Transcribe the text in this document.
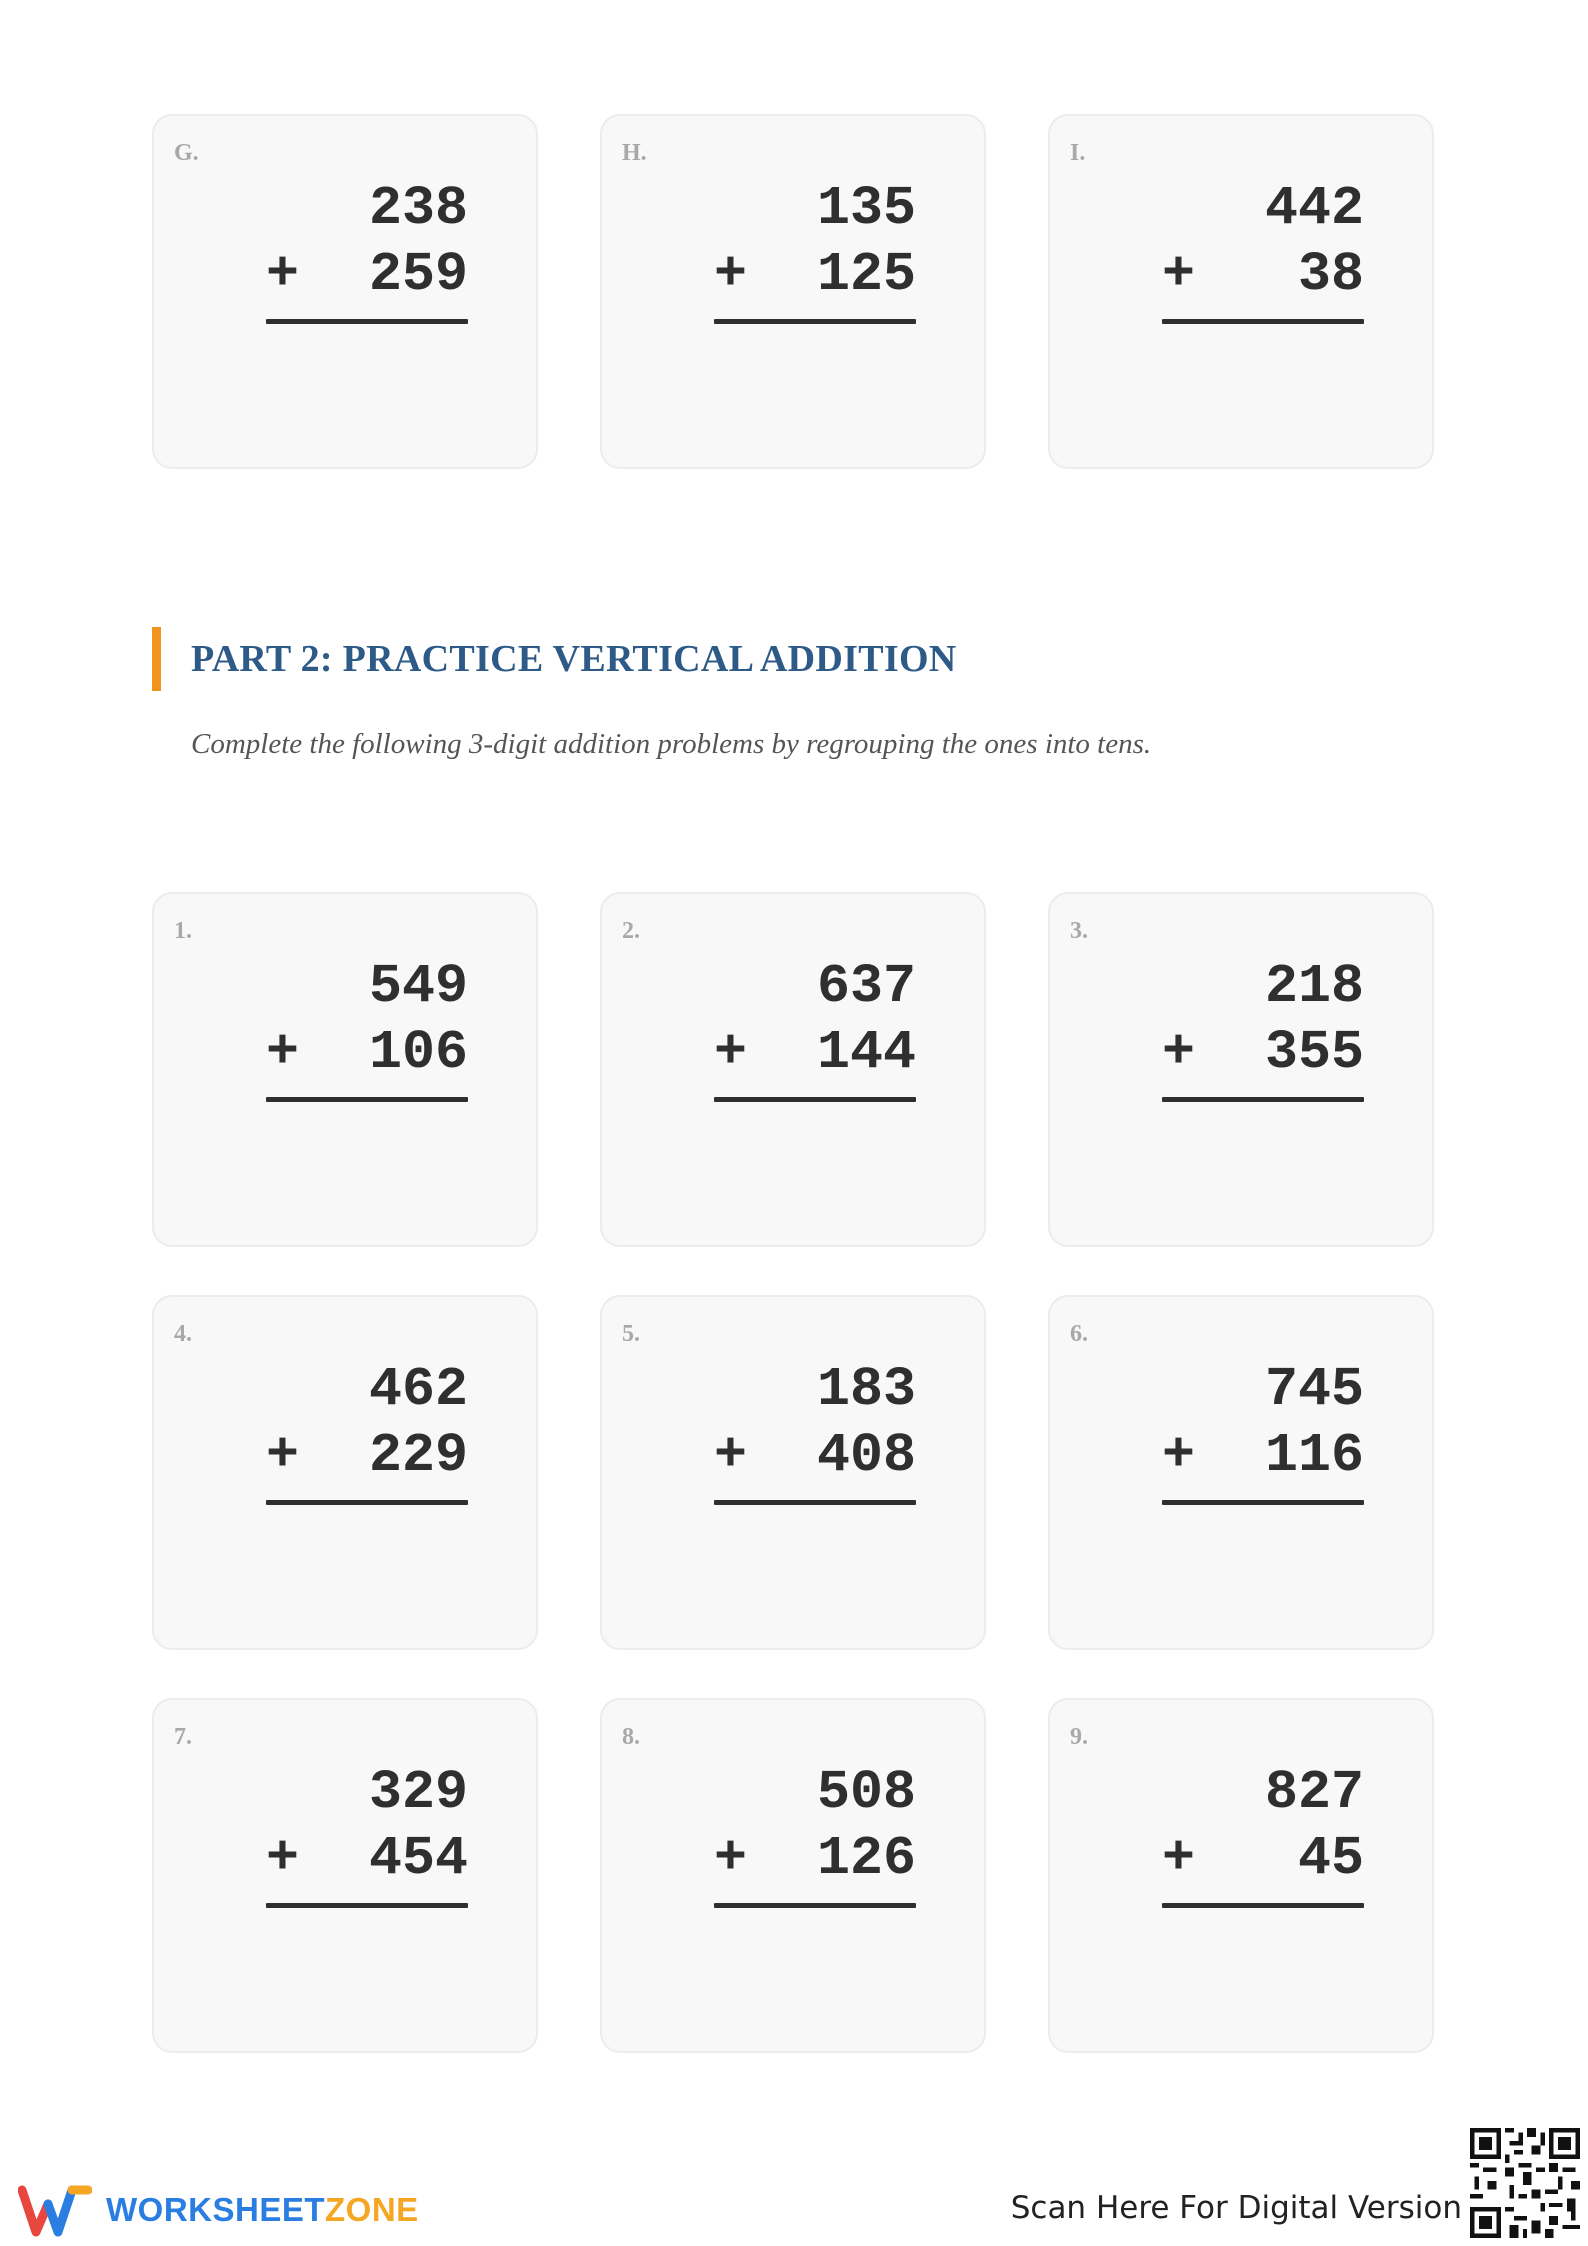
G.
238
+ 259
H.
135
+ 125
I.
442
+ 38
PART 2: PRACTICE VERTICAL ADDITION
Complete the following 3-digit addition problems by regrouping the ones into tens.
1.
549
+ 106
2.
637
+ 144
3.
218
+ 355
4.
462
+ 229
5.
183
+ 408
6.
745
+ 116
7.
329
+ 454
8.
508
+ 126
9.
827
+ 45
WORKSHEETZONE	Scan Here For Digital Version
